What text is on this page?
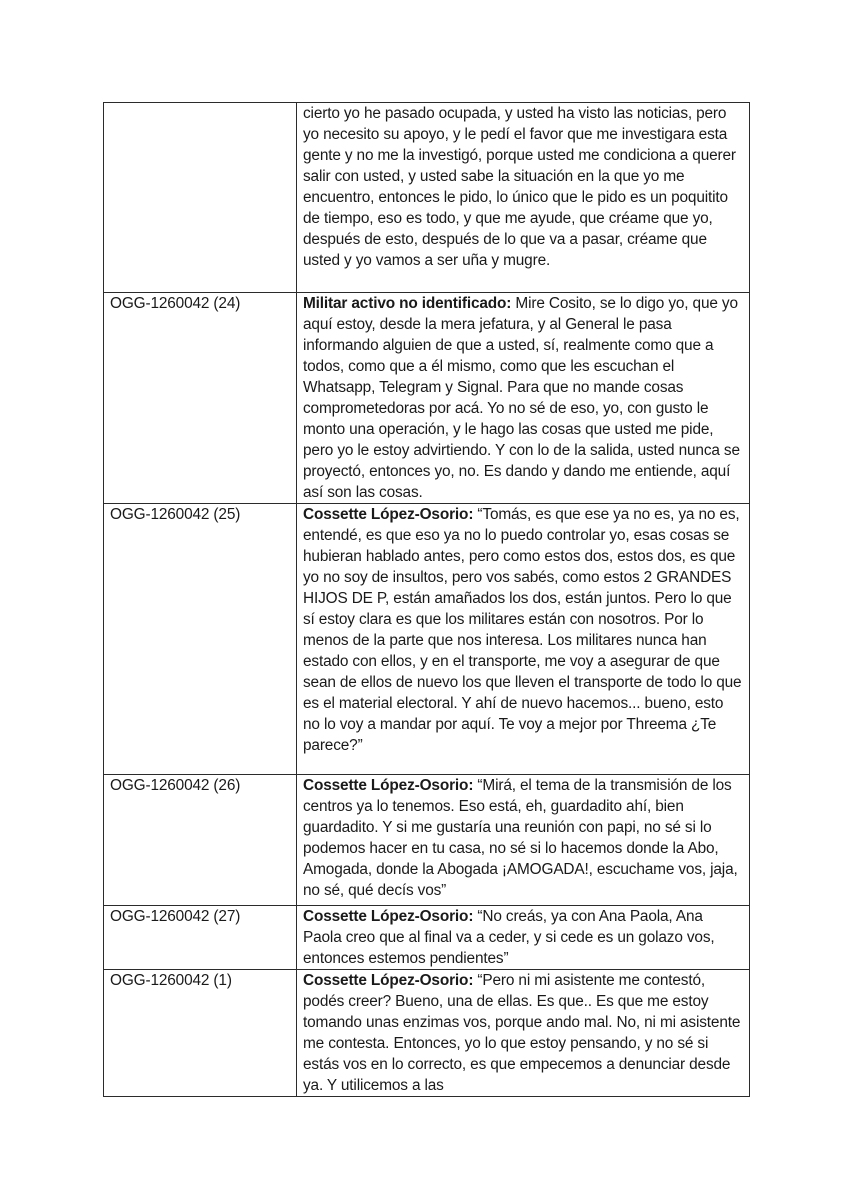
	cierto yo he pasado ocupada, y usted ha visto las noticias, pero yo necesito su apoyo, y le pedí el favor que me investigara esta gente y no me la investigó, porque usted me condiciona a querer salir con usted, y usted sabe la situación en la que yo me encuentro, entonces le pido, lo único que le pido es un poquitito de tiempo, eso es todo, y que me ayude, que créame que yo, después de esto, después de lo que va a pasar, créame que usted y yo vamos a ser uña y mugre.
OGG-1260042 (24)	Militar activo no identificado: Mire Cosito, se lo digo yo, que yo aquí estoy, desde la mera jefatura, y al General le pasa informando alguien de que a usted, sí, realmente como que a todos, como que a él mismo, como que les escuchan el Whatsapp, Telegram y Signal. Para que no mande cosas comprometedoras por acá. Yo no sé de eso, yo, con gusto le monto una operación, y le hago las cosas que usted me pide, pero yo le estoy advirtiendo. Y con lo de la salida, usted nunca se proyectó, entonces yo, no. Es dando y dando me entiende, aquí así son las cosas.
OGG-1260042 (25)	Cossette López-Osorio: “Tomás, es que ese ya no es, ya no es, entendé, es que eso ya no lo puedo controlar yo, esas cosas se hubieran hablado antes, pero como estos dos, estos dos, es que yo no soy de insultos, pero vos sabés, como estos 2 GRANDES HIJOS DE P, están amañados los dos, están juntos. Pero lo que sí estoy clara es que los militares están con nosotros. Por lo menos de la parte que nos interesa. Los militares nunca han estado con ellos, y en el transporte, me voy a asegurar de que sean de ellos de nuevo los que lleven el transporte de todo lo que es el material electoral. Y ahí de nuevo hacemos... bueno, esto no lo voy a mandar por aquí. Te voy a mejor por Threema ¿Te parece?”
OGG-1260042 (26)	Cossette López-Osorio: “Mirá, el tema de la transmisión de los centros ya lo tenemos. Eso está, eh, guardadito ahí, bien guardadito. Y si me gustaría una reunión con papi, no sé si lo podemos hacer en tu casa, no sé si lo hacemos donde la Abo, Amogada, donde la Abogada ¡AMOGADA!, escuchame vos, jaja, no sé, qué decís vos”
OGG-1260042 (27)	Cossette López-Osorio: “No creás, ya con Ana Paola, Ana Paola creo que al final va a ceder, y si cede es un golazo vos, entonces estemos pendientes”
OGG-1260042 (1)	Cossette López-Osorio: “Pero ni mi asistente me contestó, podés creer? Bueno, una de ellas. Es que.. Es que me estoy tomando unas enzimas vos, porque ando mal. No, ni mi asistente me contesta. Entonces, yo lo que estoy pensando, y no sé si estás vos en lo correcto, es que empecemos a denunciar desde ya. Y utilicemos a las
